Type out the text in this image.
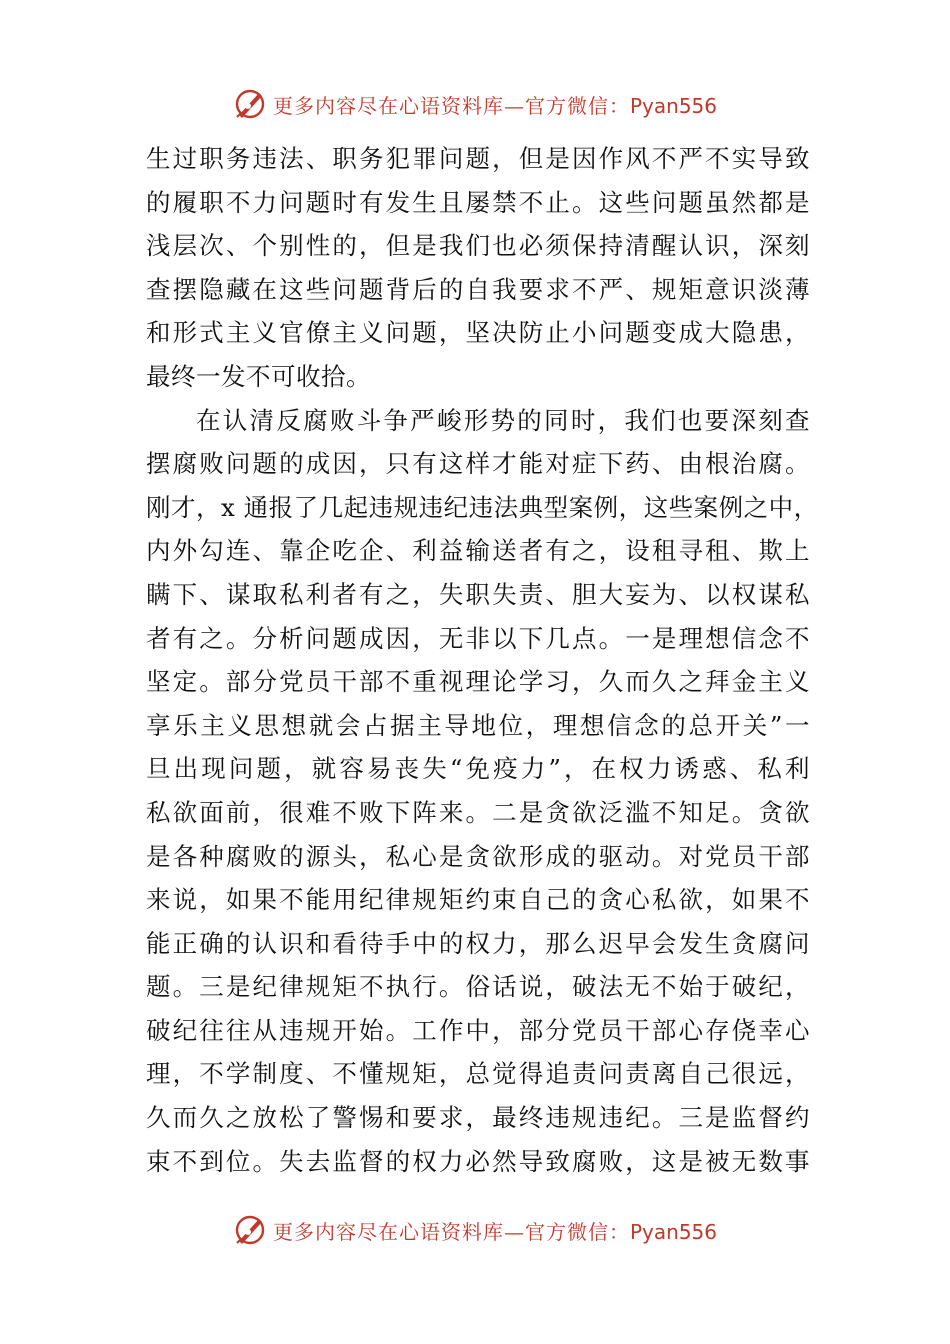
更多内容尽在心语资料库—官方微信：Pyan556
生过职务违法、职务犯罪问题，但是因作风不严不实导致
的履职不力问题时有发生且屡禁不止。这些问题虽然都是
浅层次、个别性的，但是我们也必须保持清醒认识，深刻
查摆隐藏在这些问题背后的自我要求不严、规矩意识淡薄
和形式主义官僚主义问题，坚决防止小问题变成大隐患，
最终一发不可收拾。
在认清反腐败斗争严峻形势的同时，我们也要深刻查
摆腐败问题的成因，只有这样才能对症下药、由根治腐。
刚才，x 通报了几起违规违纪违法典型案例，这些案例之中，
内外勾连、靠企吃企、利益输送者有之，设租寻租、欺上
瞒下、谋取私利者有之，失职失责、胆大妄为、以权谋私
者有之。分析问题成因，无非以下几点。一是理想信念不
坚定。部分党员干部不重视理论学习，久而久之拜金主义
享乐主义思想就会占据主导地位，理想信念的总开关”一
旦出现问题，就容易丧失“免疫力”，在权力诱惑、私利
私欲面前，很难不败下阵来。二是贪欲泛滥不知足。贪欲
是各种腐败的源头，私心是贪欲形成的驱动。对党员干部
来说，如果不能用纪律规矩约束自己的贪心私欲，如果不
能正确的认识和看待手中的权力，那么迟早会发生贪腐问
题。三是纪律规矩不执行。俗话说，破法无不始于破纪，
破纪往往从违规开始。工作中，部分党员干部心存侥幸心
理，不学制度、不懂规矩，总觉得追责问责离自己很远，
久而久之放松了警惕和要求，最终违规违纪。三是监督约
束不到位。失去监督的权力必然导致腐败，这是被无数事
更多内容尽在心语资料库—官方微信：Pyan556
